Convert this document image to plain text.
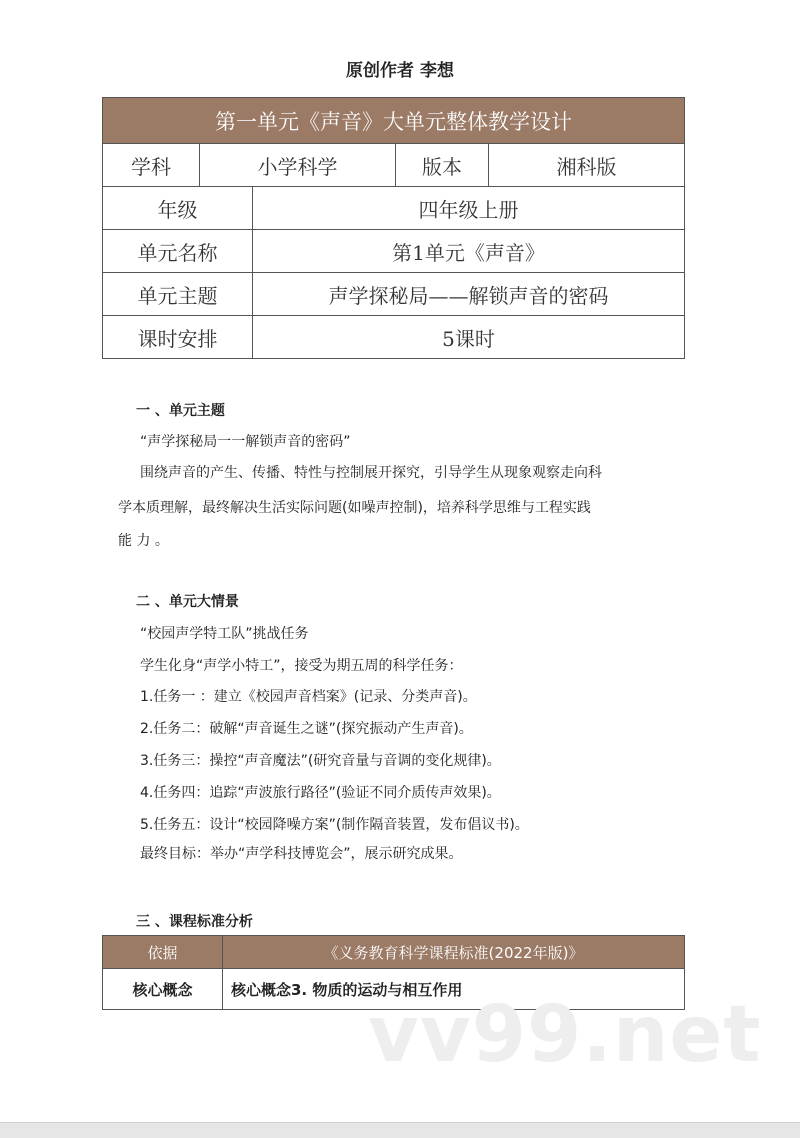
原创作者 李想
第一单元《声音》大单元整体教学设计				
学科	小学科学		版本	湘科版
年级		四年级上册		
单元名称		第1单元《声音》		
单元主题		声学探秘局——解锁声音的密码		
课时安排		5课时		
一 、单元主题
“声学探秘局一一解锁声音的密码”
围绕声音的产生、传播、特性与控制展开探究，引导学生从现象观察走向科
学本质理解，最终解决生活实际问题(如噪声控制)，培养科学思维与工程实践
能 力 。
二 、单元大情景
“校园声学特工队”挑战任务
学生化身“声学小特工”，接受为期五周的科学任务：
1.任务一 ：建立《校园声音档案》(记录、分类声音)。
2.任务二：破解“声音诞生之谜”(探究振动产生声音)。
3.任务三：操控“声音魔法”(研究音量与音调的变化规律)。
4.任务四：追踪“声波旅行路径”(验证不同介质传声效果)。
5.任务五：设计“校园降噪方案”(制作隔音装置，发布倡议书)。
最终目标：举办“声学科技博览会”，展示研究成果。
三 、课程标准分析
依据	《义务教育科学课程标准(2022年版)》
核心概念	核心概念3. 物质的运动与相互作用
vv99.net
